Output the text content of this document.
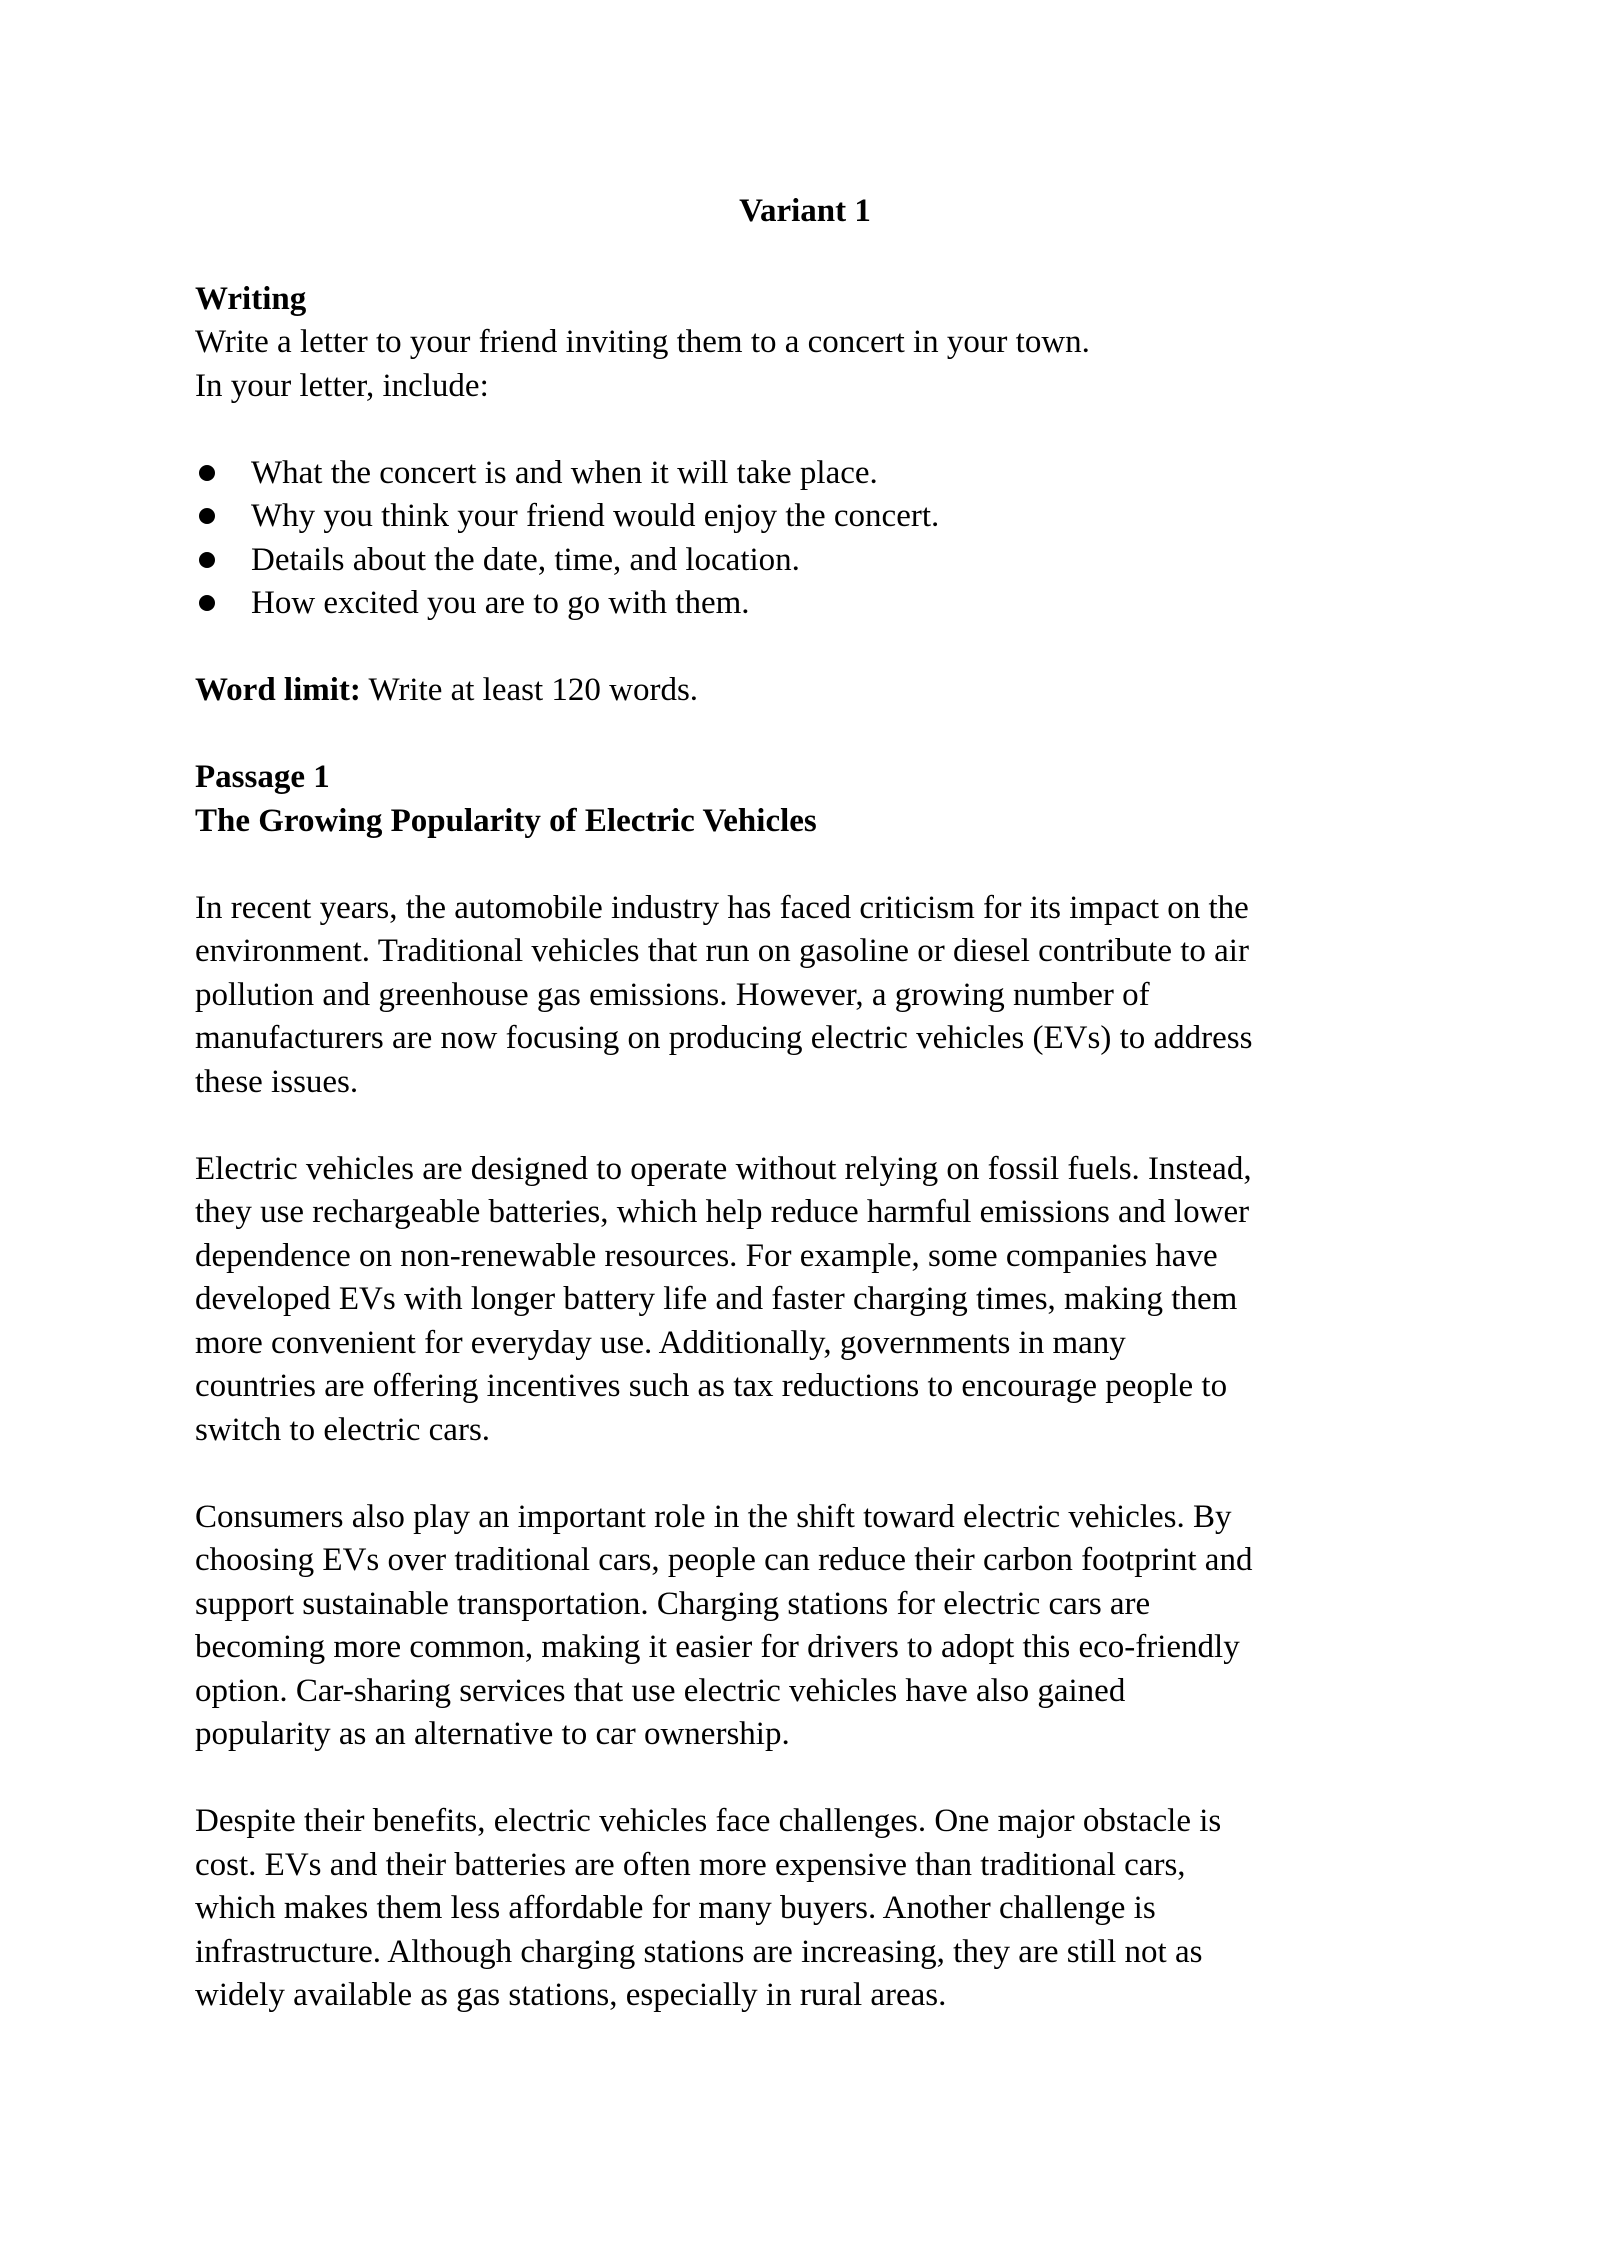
Variant 1

Writing

Write a letter to your friend inviting them to a concert in your town.

In your letter, include:

What the concert is and when it will take place.
Why you think your friend would enjoy the concert.
Details about the date, time, and location.
How excited you are to go with them.

Word limit: Write at least 120 words.

Passage 1

The Growing Popularity of Electric Vehicles

In recent years, the automobile industry has faced criticism for its impact on the
environment. Traditional vehicles that run on gasoline or diesel contribute to air
pollution and greenhouse gas emissions. However, a growing number of
manufacturers are now focusing on producing electric vehicles (EVs) to address
these issues.
Electric vehicles are designed to operate without relying on fossil fuels. Instead,
they use rechargeable batteries, which help reduce harmful emissions and lower
dependence on non-renewable resources. For example, some companies have
developed EVs with longer battery life and faster charging times, making them
more convenient for everyday use. Additionally, governments in many
countries are offering incentives such as tax reductions to encourage people to
switch to electric cars.
Consumers also play an important role in the shift toward electric vehicles. By
choosing EVs over traditional cars, people can reduce their carbon footprint and
support sustainable transportation. Charging stations for electric cars are
becoming more common, making it easier for drivers to adopt this eco-friendly
option. Car-sharing services that use electric vehicles have also gained
popularity as an alternative to car ownership.
Despite their benefits, electric vehicles face challenges. One major obstacle is
cost. EVs and their batteries are often more expensive than traditional cars,
which makes them less affordable for many buyers. Another challenge is
infrastructure. Although charging stations are increasing, they are still not as
widely available as gas stations, especially in rural areas.
